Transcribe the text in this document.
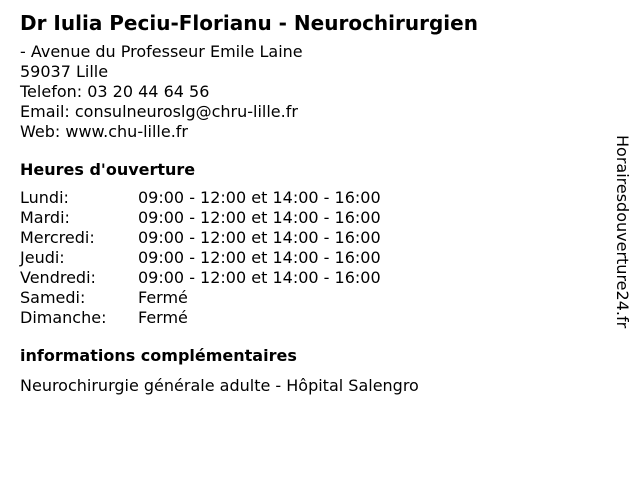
Dr Iulia Peciu-Florianu - Neurochirurgien
- Avenue du Professeur Emile Laine
59037 Lille
Telefon: 03 20 44 64 56
Email: consulneuroslg@chru-lille.fr
Web: www.chu-lille.fr
Heures d'ouverture
Lundi:	09:00 - 12:00 et 14:00 - 16:00
Mardi:	09:00 - 12:00 et 14:00 - 16:00
Mercredi:	09:00 - 12:00 et 14:00 - 16:00
Jeudi:	09:00 - 12:00 et 14:00 - 16:00
Vendredi:	09:00 - 12:00 et 14:00 - 16:00
Samedi:	Fermé
Dimanche:	Fermé
informations complémentaires
Neurochirurgie générale adulte - Hôpital Salengro
Horairesdouverture24.fr
